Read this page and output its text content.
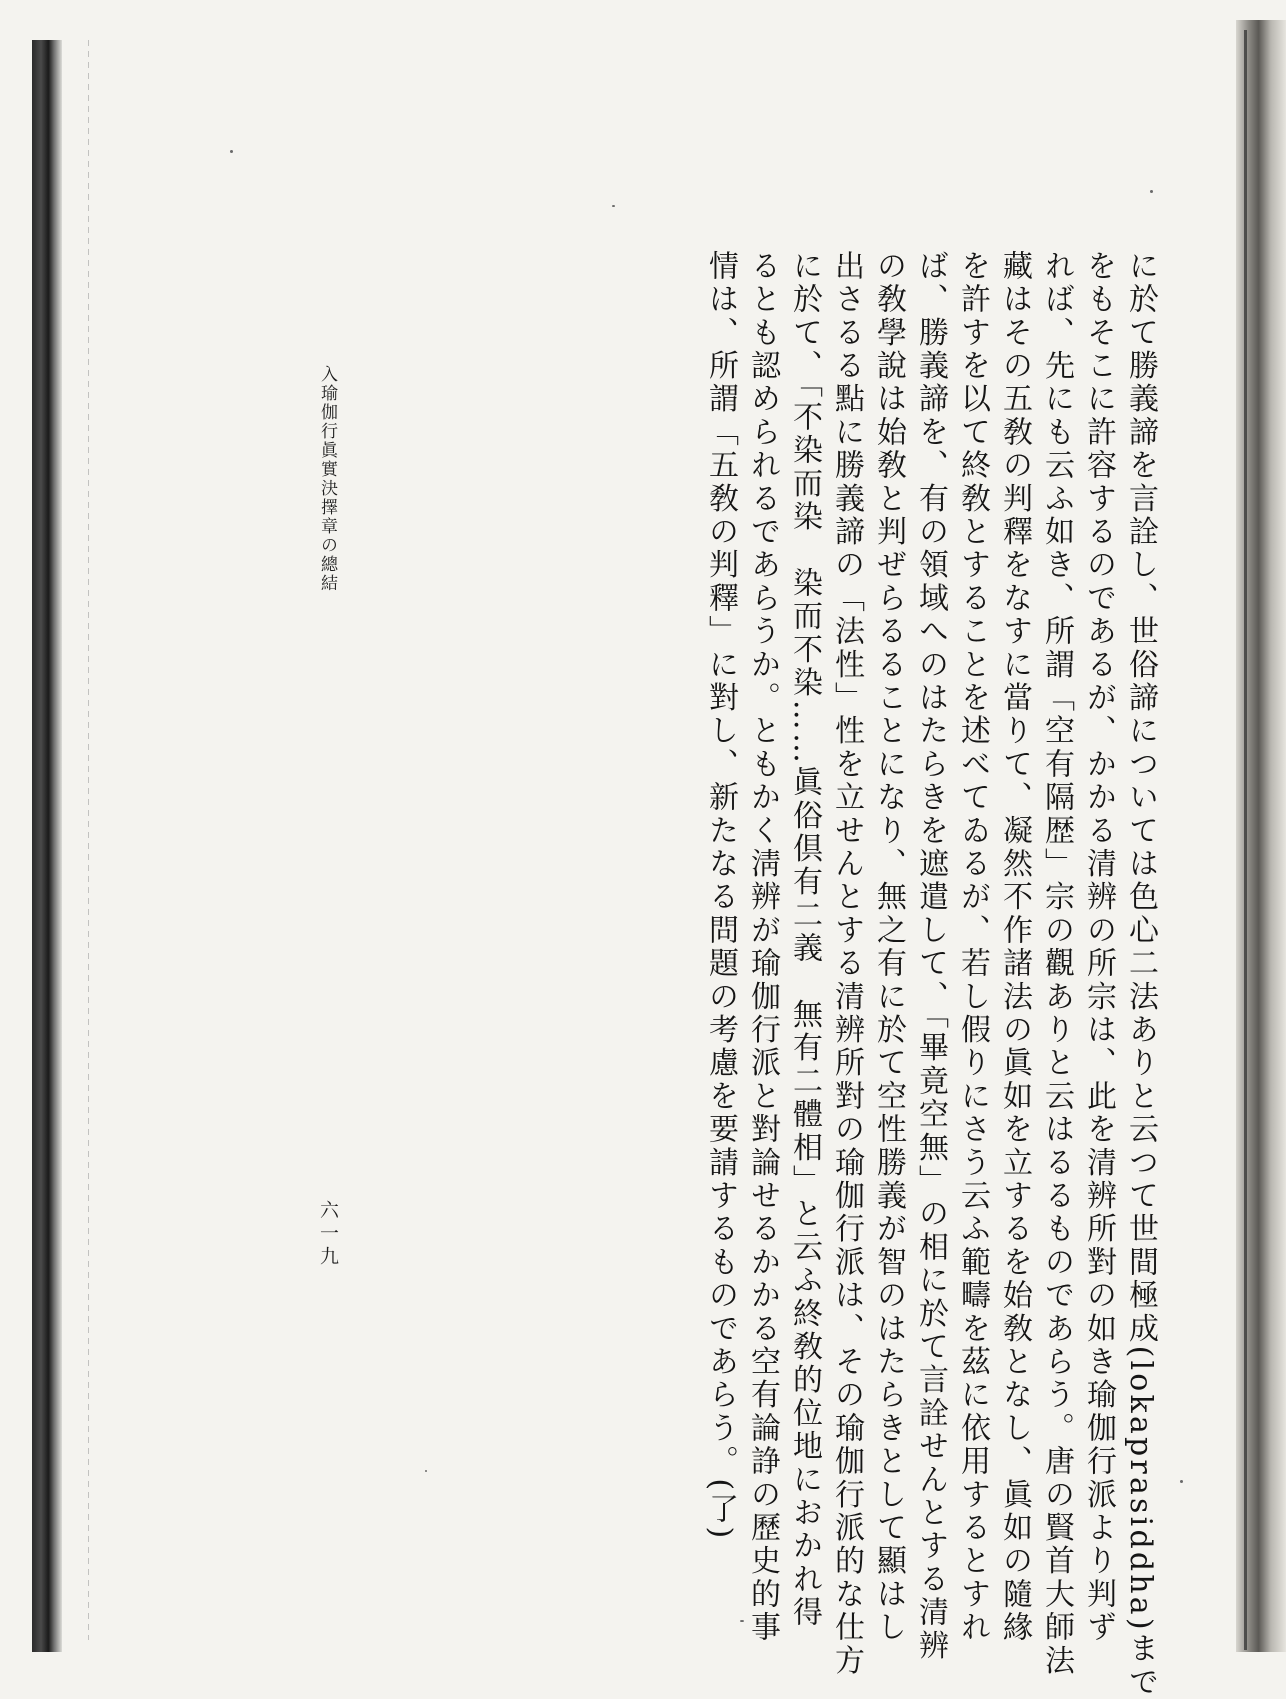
に於て勝義諦を言詮し、世俗諦については色心二法ありと云つて世間極成(lokaprasiddha)まで

をもそこに許容するのであるが、かかる清辨の所宗は、此を清辨所對の如き瑜伽行派より判ず

れば、先にも云ふ如き、所謂「空有隔歴」宗の觀ありと云はるるものであらう。唐の賢首大師法

藏はその五敎の判釋をなすに當りて、凝然不作諸法の眞如を立するを始敎となし、眞如の隨緣

を許すを以て終敎とすることを述べてゐるが、若し假りにさう云ふ範疇を茲に依用するとすれ

ば、勝義諦を、有の領域へのはたらきを遮遣して、「畢竟空無」の相に於て言詮せんとする清辨

の敎學說は始敎と判ぜらるることになり、無之有に於て空性勝義が智のはたらきとして顯はし

出さるる點に勝義諦の「法性」性を立せんとする清辨所對の瑜伽行派は、その瑜伽行派的な仕方

に於て、「不染而染　染而不染……眞俗倶有二義　無有二體相」と云ふ終敎的位地におかれ得

るとも認められるであらうか。ともかく淸辨が瑜伽行派と對論せるかかる空有論諍の歷史的事

情は、所謂「五敎の判釋」に對し、新たなる問題の考慮を要請するものであらう。(了)

入瑜伽行眞實決擇章の總結
六一九
